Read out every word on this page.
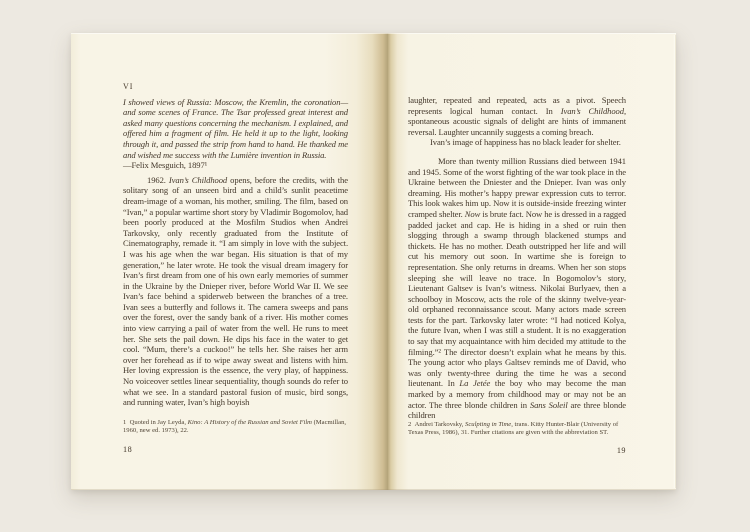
VI

I showed views of Russia: Moscow, the Kremlin, the coronation—and some scenes of France. The Tsar professed great interest and asked many questions concerning the mechanism. I explained, and offered him a fragment of film. He held it up to the light, looking through it, and passed the strip from hand to hand. He thanked me and wished me success with the Lumière invention in Russia.

—Felix Mesguich, 1897¹

1962. Ivan’s Childhood opens, before the credits, with the solitary song of an unseen bird and a child’s sunlit peacetime dream-image of a woman, his mother, smiling. The film, based on “Ivan,” a popular wartime short story by Vladimir Bogomolov, had been poorly produced at the Mosfilm Studios when Andrei Tarkovsky, only recently graduated from the Institute of Cinematography, remade it. “I am simply in love with the subject. I was his age when the war began. His situation is that of my generation,” he later wrote. He took the visual dream imagery for Ivan’s first dream from one of his own early memories of summer in the Ukraine by the Dnieper river, before World War II. We see Ivan’s face behind a spiderweb between the branches of a tree. Ivan sees a butterfly and follows it. The camera sweeps and pans over the forest, over the sandy bank of a river. His mother comes into view carrying a pail of water from the well. He runs to meet her. She sets the pail down. He dips his face in the water to get cool. “Mum, there’s a cuckoo!” he tells her. She raises her arm over her forehead as if to wipe away sweat and listens with him. Her loving expression is the essence, the very play, of happiness. No voiceover settles linear sequentiality, though sounds do refer to what we see. In a standard pastoral fusion of music, bird songs, and running water, Ivan’s high boyish

1  Quoted in Jay Leyda, Kino: A History of the Russian and Soviet Film (Macmillan, 1960, new ed. 1973), 22.
18

laughter, repeated and repeated, acts as a pivot. Speech represents logical human contact. In Ivan’s Childhood, spontaneous acoustic signals of delight are hints of immanent reversal. Laughter uncannily suggests a coming breach.

Ivan’s image of happiness has no black leader for shelter.

More than twenty million Russians died between 1941 and 1945. Some of the worst fighting of the war took place in the Ukraine between the Dniester and the Dnieper. Ivan was only dreaming. His mother’s happy prewar expression cuts to terror. This look wakes him up. Now it is outside-inside freezing winter cramped shelter. Now is brute fact. Now he is dressed in a ragged padded jacket and cap. He is hiding in a shed or ruin then slogging through a swamp through blackened stumps and thickets. He has no mother. Death outstripped her life and will cut his memory out soon. In wartime she is foreign to representation. She only returns in dreams. When her son stops sleeping she will leave no trace. In Bogomolov’s story, Lieutenant Galtsev is Ivan’s witness. Nikolai Burlyaev, then a schoolboy in Moscow, acts the role of the skinny twelve-year-old orphaned reconnaissance scout. Many actors made screen tests for the part. Tarkovsky later wrote: “I had noticed Kolya, the future Ivan, when I was still a student. It is no exaggeration to say that my acquaintance with him decided my attitude to the filming.”² The director doesn’t explain what he means by this. The young actor who plays Galtsev reminds me of David, who was only twenty-three during the time he was a second lieutenant. In La Jetée the boy who may become the man marked by a memory from childhood may or may not be an actor. The three blonde children in Sans Soleil are three blonde children

2  Andrei Tarkovsky, Sculpting in Time, trans. Kitty Hunter-Blair (University of Texas Press, 1986), 31. Further citations are given with the abbreviation ST.
19
